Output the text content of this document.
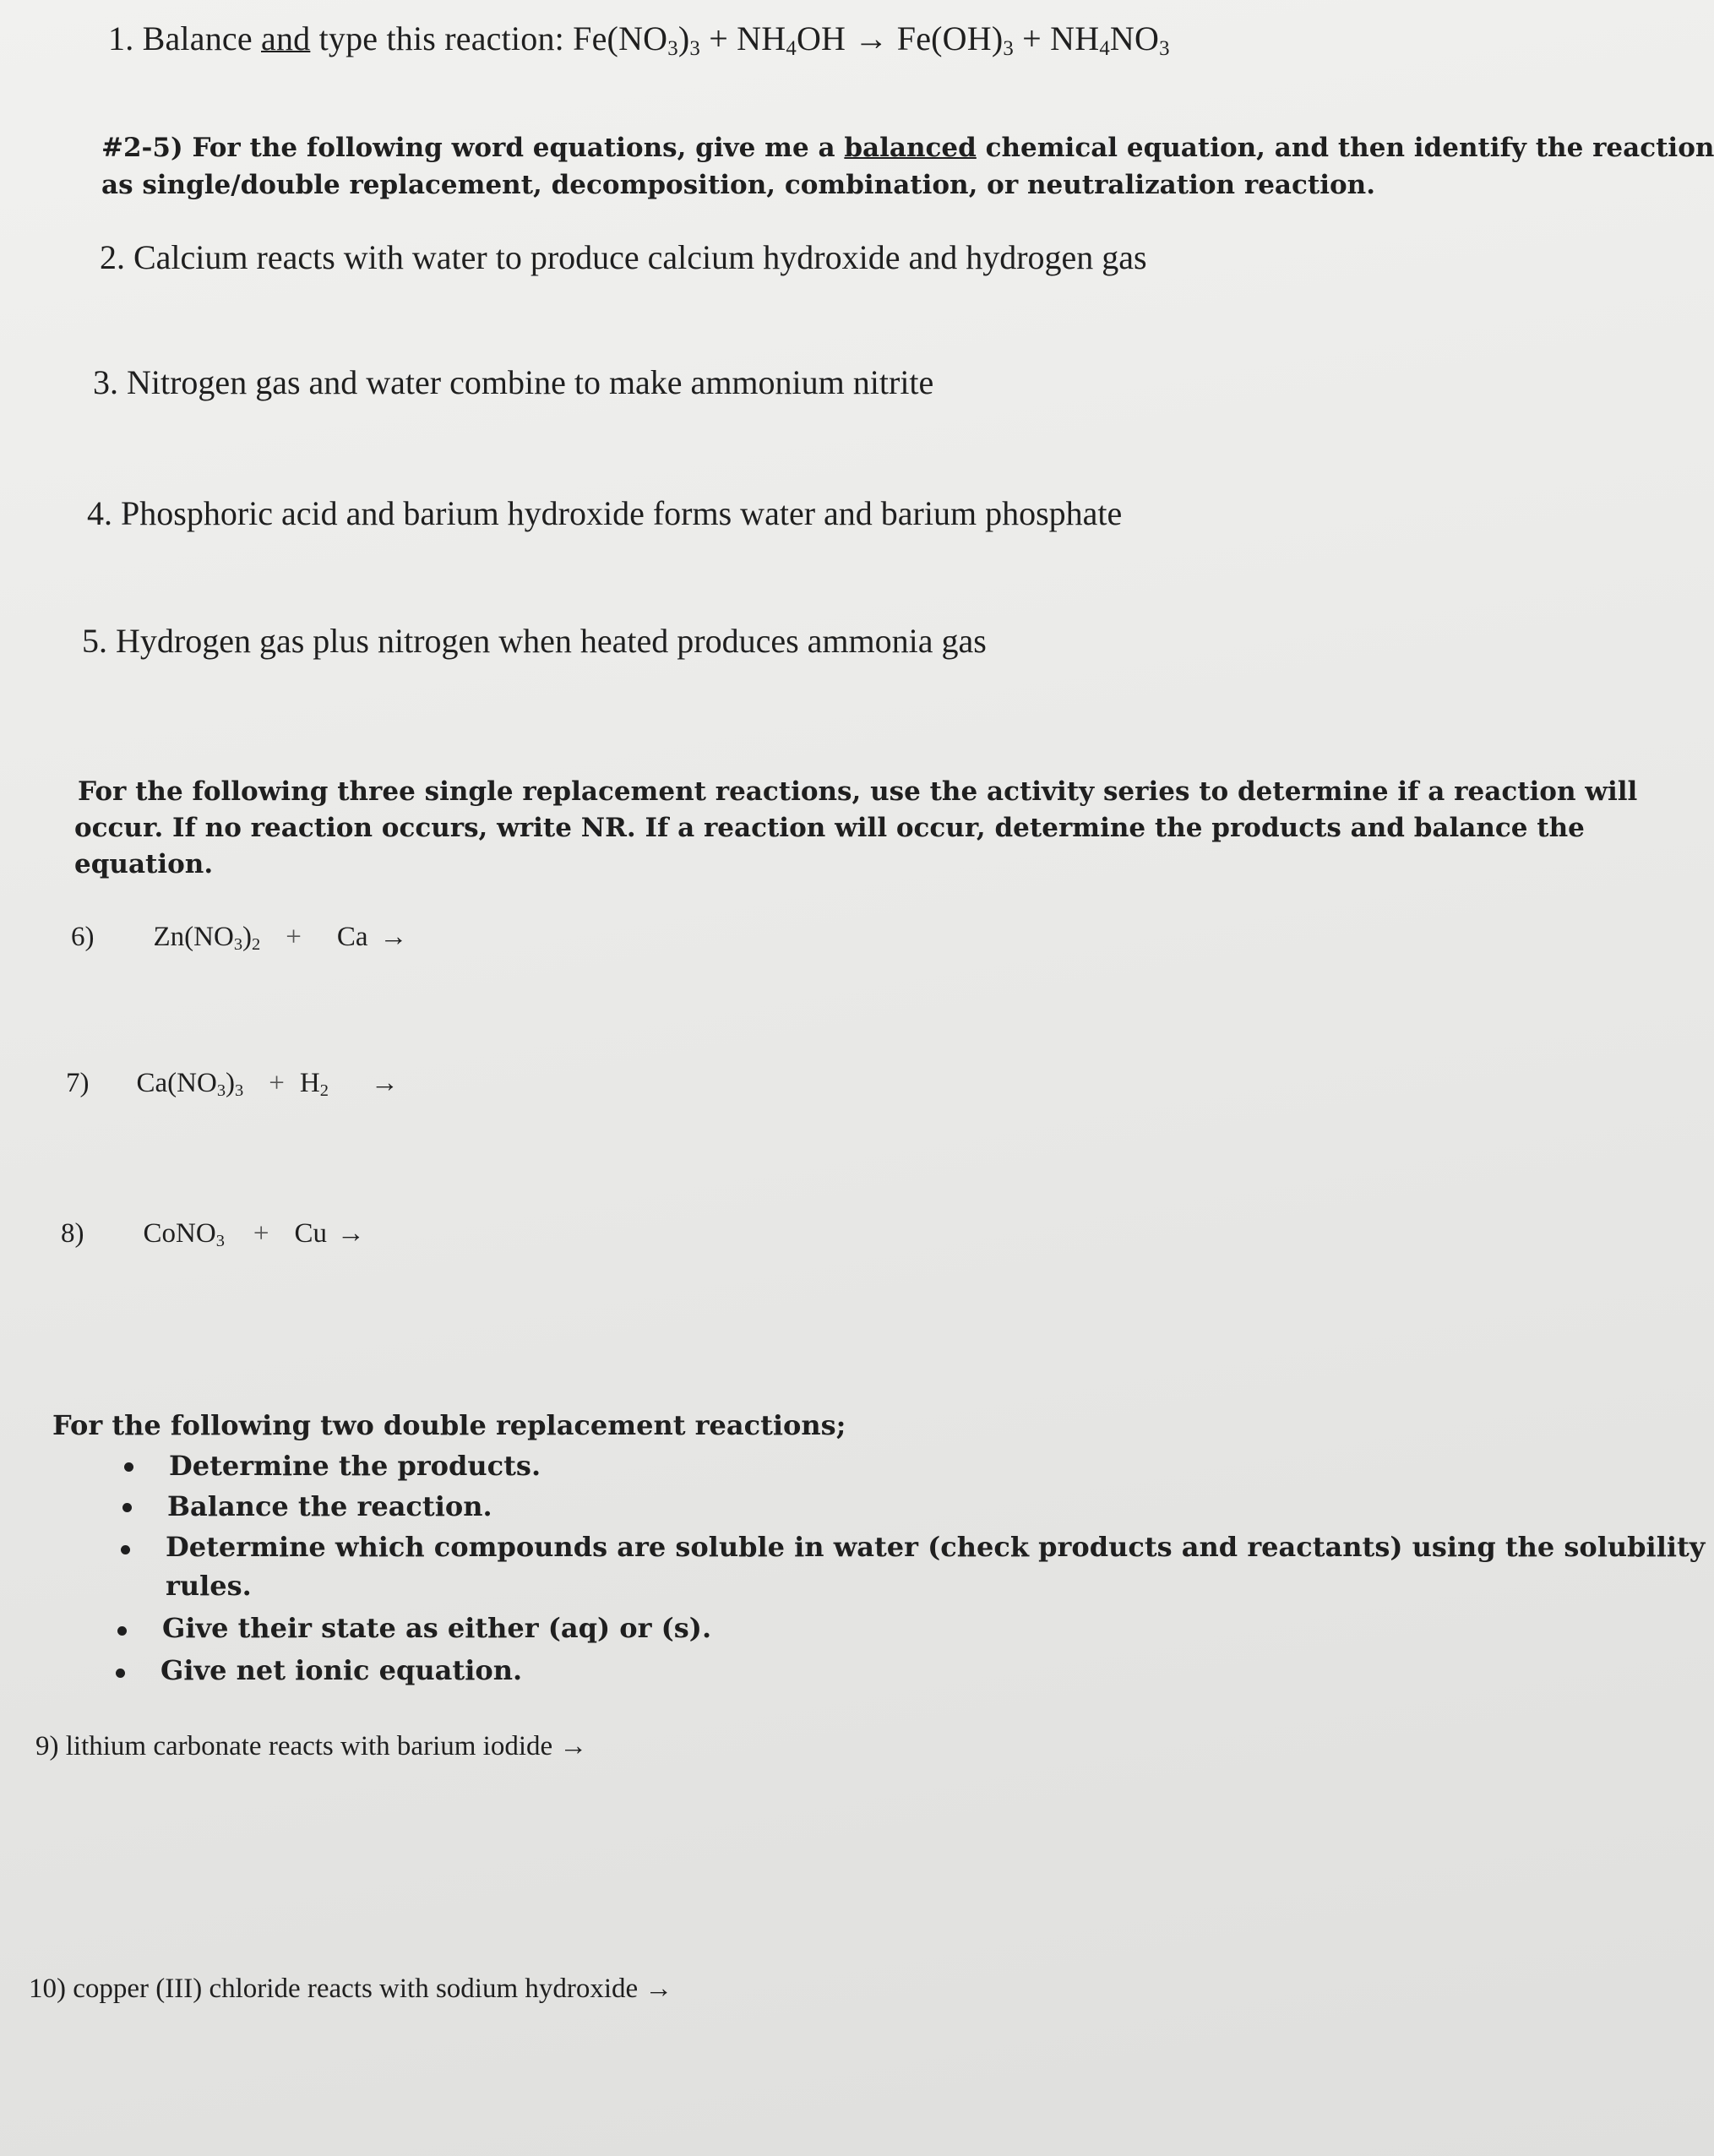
1. Balance and type this reaction: $Fe(NO_3)_3 + NH_4OH \to Fe(OH)_3 + NH_4NO_3$
#2-5) For the following word equations, give me a balanced chemical equation, and then identify the reaction
as single/double replacement, decomposition, combination, or neutralization reaction.
2. Calcium reacts with water to produce calcium hydroxide and hydrogen gas
3. Nitrogen gas and water combine to make ammonium nitrite
4. Phosphoric acid and barium hydroxide forms water and barium phosphate
5. Hydrogen gas plus nitrogen when heated produces ammonia gas
For the following three single replacement reactions, use the activity series to determine if a reaction will
occur. If no reaction occurs, write NR. If a reaction will occur, determine the products and balance the
equation.
6) $Zn(NO_3)_2 + Ca$ →
7) $Ca(NO_3)_3 + H_2$ →
8) CoNO$_3$ + Cu →
For the following two double replacement reactions;
Determine the products.
Balance the reaction.
Determine which compounds are soluble in water (check products and reactants) using the solubility
rules.
Give their state as either (aq) or (s).
Give net ionic equation.
9) lithium carbonate reacts with barium iodide →
10) copper (III) chloride reacts with sodium hydroxide →
